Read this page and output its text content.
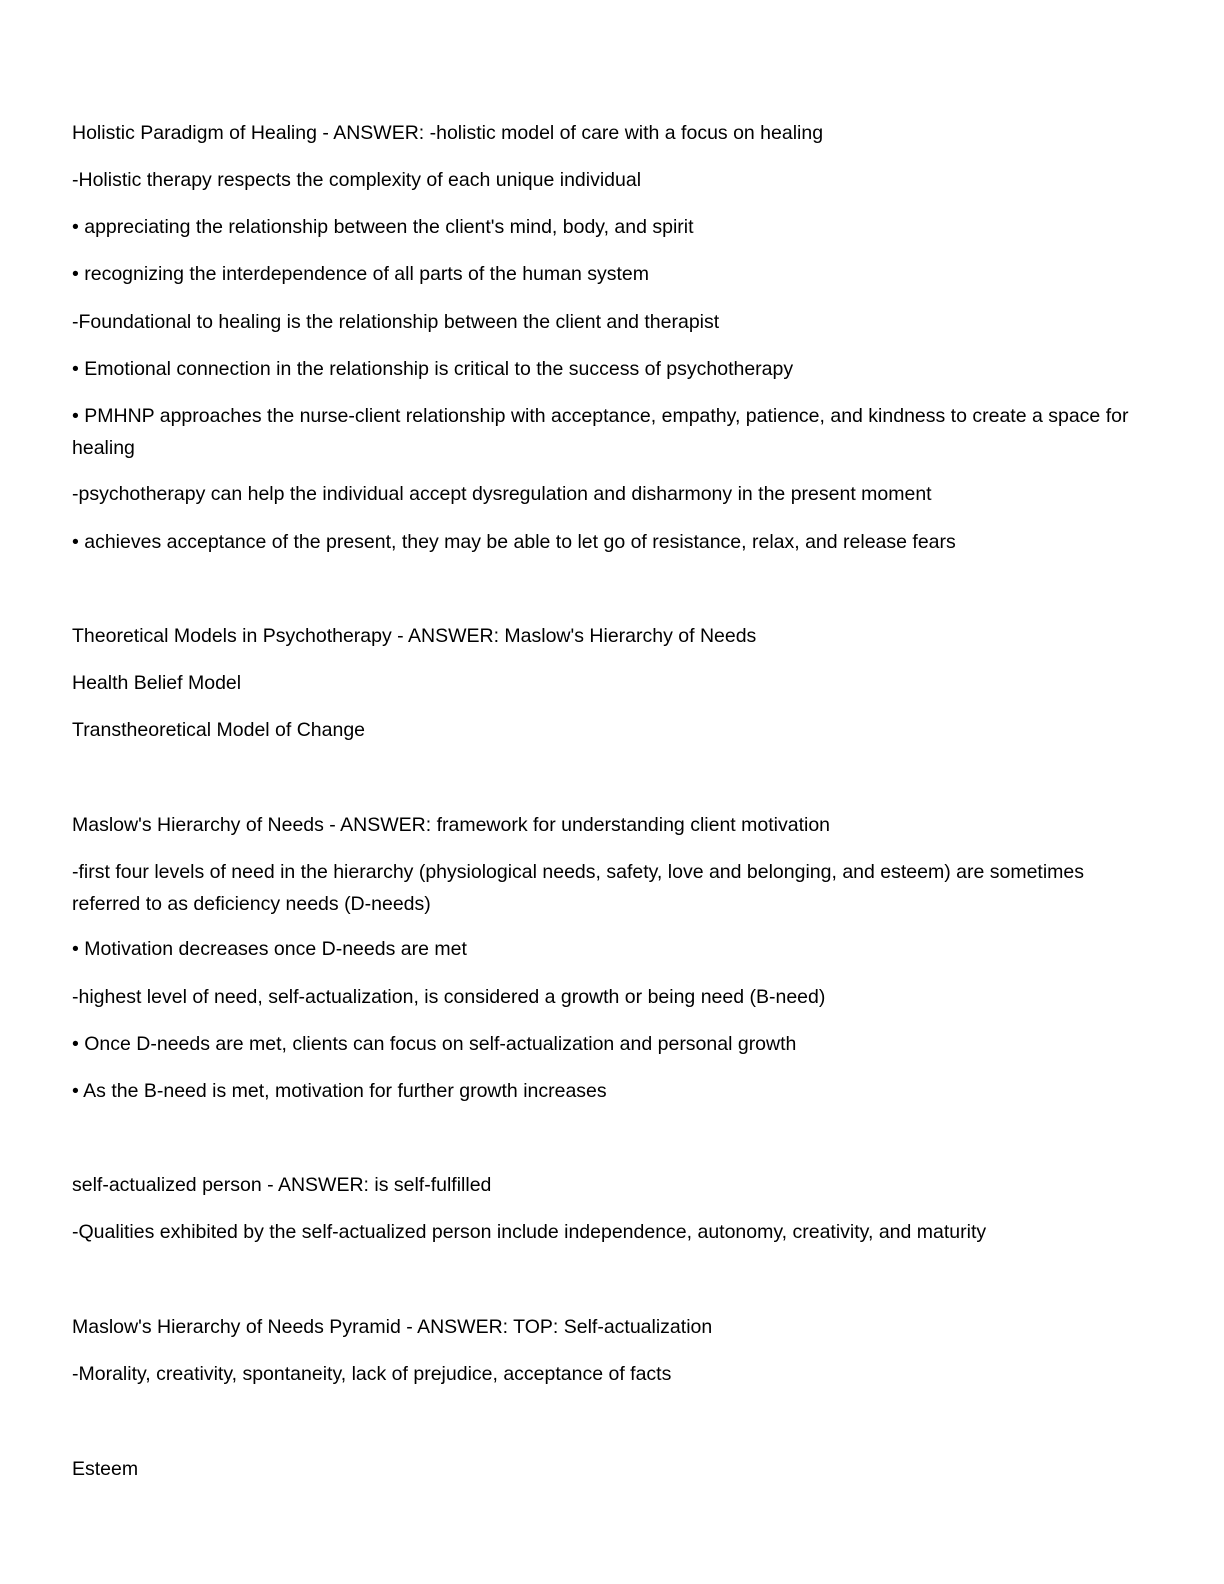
Holistic Paradigm of Healing - ANSWER: -holistic model of care with a focus on healing
-Holistic therapy respects the complexity of each unique individual
• appreciating the relationship between the client's mind, body, and spirit
• recognizing the interdependence of all parts of the human system
-Foundational to healing is the relationship between the client and therapist
• Emotional connection in the relationship is critical to the success of psychotherapy
• PMHNP approaches the nurse-client relationship with acceptance, empathy, patience, and kindness to create a space for healing
-psychotherapy can help the individual accept dysregulation and disharmony in the present moment
• achieves acceptance of the present, they may be able to let go of resistance, relax, and release fears
Theoretical Models in Psychotherapy - ANSWER: Maslow's Hierarchy of Needs
Health Belief Model
Transtheoretical Model of Change
Maslow's Hierarchy of Needs - ANSWER: framework for understanding client motivation
-first four levels of need in the hierarchy (physiological needs, safety, love and belonging, and esteem) are sometimes referred to as deficiency needs (D-needs)
• Motivation decreases once D-needs are met
-highest level of need, self-actualization, is considered a growth or being need (B-need)
• Once D-needs are met, clients can focus on self-actualization and personal growth
• As the B-need is met, motivation for further growth increases
self-actualized person - ANSWER: is self-fulfilled
-Qualities exhibited by the self-actualized person include independence, autonomy, creativity, and maturity
Maslow's Hierarchy of Needs Pyramid - ANSWER: TOP: Self-actualization
-Morality, creativity, spontaneity, lack of prejudice, acceptance of facts
Esteem
